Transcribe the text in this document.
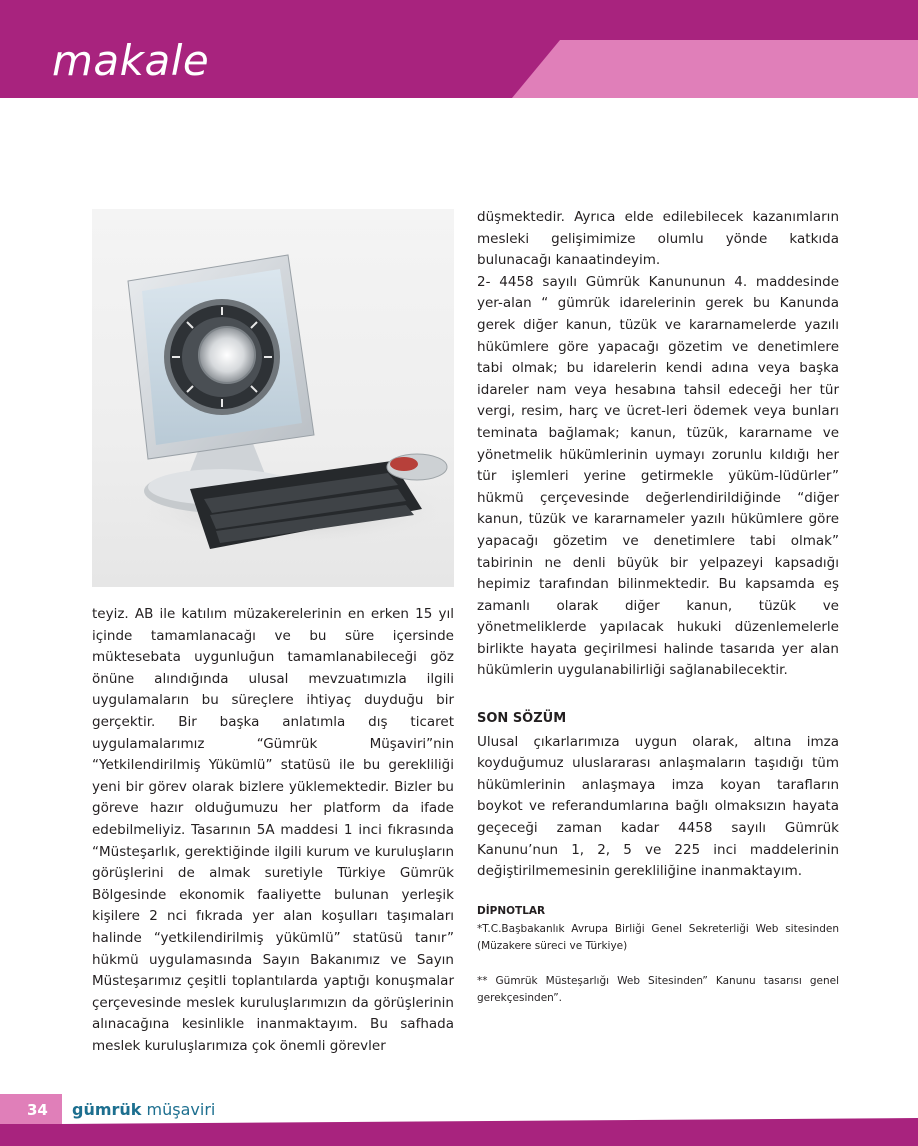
makale

teyiz. AB ile katılım müzakerelerinin en erken 15 yıl içinde tamamlanacağı ve bu süre içersinde müktesebata uygunluğun tamamlanabileceği göz önüne alındığında ulusal mevzuatımızla ilgili uygulamaların bu süreçlere ihtiyaç duyduğu bir gerçektir. Bir başka anlatımla dış ticaret uygulamalarımız “Gümrük Müşaviri”nin “Yetkilendirilmiş Yükümlü” statüsü ile bu gerekliliği yeni bir görev olarak bizlere yüklemektedir. Bizler bu göreve hazır olduğumuzu her platform da ifade edebilmeliyiz. Tasarının 5A maddesi 1 inci fıkrasında “Müsteşarlık, gerektiğinde ilgili kurum ve kuruluşların görüşlerini de almak suretiyle Türkiye Gümrük Bölgesinde ekonomik faaliyette bulunan yerleşik kişilere 2 nci fıkrada yer alan koşulları taşımaları halinde “yetkilendirilmiş yükümlü” statüsü tanır” hükmü uygulamasında Sayın Bakanımız ve Sayın Müsteşarımız çeşitli toplantılarda yaptığı konuşmalar çerçevesinde meslek kuruluşlarımızın da görüşlerinin alınacağına kesinlikle inanmaktayım. Bu safhada meslek kuruluşlarımıza çok önemli görevler

düşmektedir. Ayrıca elde edilebilecek kazanımların mesleki gelişimimize olumlu yönde katkıda bulunacağı kanaatindeyim.

2- 4458 sayılı Gümrük Kanununun 4. maddesinde yer-alan “ gümrük idarelerinin gerek bu Kanunda gerek diğer kanun, tüzük ve kararnamelerde yazılı hükümlere göre yapacağı gözetim ve denetimlere tabi olmak; bu idarelerin kendi adına veya başka idareler nam veya hesabına tahsil edeceği her tür vergi, resim, harç ve ücret-leri ödemek veya bunları teminata bağlamak; kanun, tüzük, kararname ve yönetmelik hükümlerinin uymayı zorunlu kıldığı her tür işlemleri yerine getirmekle yüküm-lüdürler” hükmü çerçevesinde değerlendirildiğinde “diğer kanun, tüzük ve kararnameler yazılı hükümlere göre yapacağı gözetim ve denetimlere tabi olmak” tabirinin ne denli büyük bir yelpazeyi kapsadığı hepimiz tarafından bilinmektedir. Bu kapsamda eş zamanlı olarak diğer kanun, tüzük ve yönetmeliklerde yapılacak hukuki düzenlemelerle birlikte hayata geçirilmesi halinde tasarıda yer alan hükümlerin uygulanabilirliği sağlanabilecektir.

SON SÖZÜM

Ulusal çıkarlarımıza uygun olarak, altına imza koyduğumuz uluslararası anlaşmaların taşıdığı tüm hükümlerinin anlaşmaya imza koyan tarafların boykot ve referandumlarına bağlı olmaksızın hayata geçeceği zaman kadar 4458 sayılı Gümrük Kanunu’nun 1, 2, 5 ve 225 inci maddelerinin değiştirilmemesinin gerekliliğine inanmaktayım.

DİPNOTLAR

*T.C.Başbakanlık Avrupa Birliği Genel Sekreterliği Web sitesinden (Müzakere süreci ve Türkiye)

** Gümrük Müsteşarlığı Web Sitesinden” Kanunu tasarısı genel gerekçesinden”.

34 gümrük müşaviri
